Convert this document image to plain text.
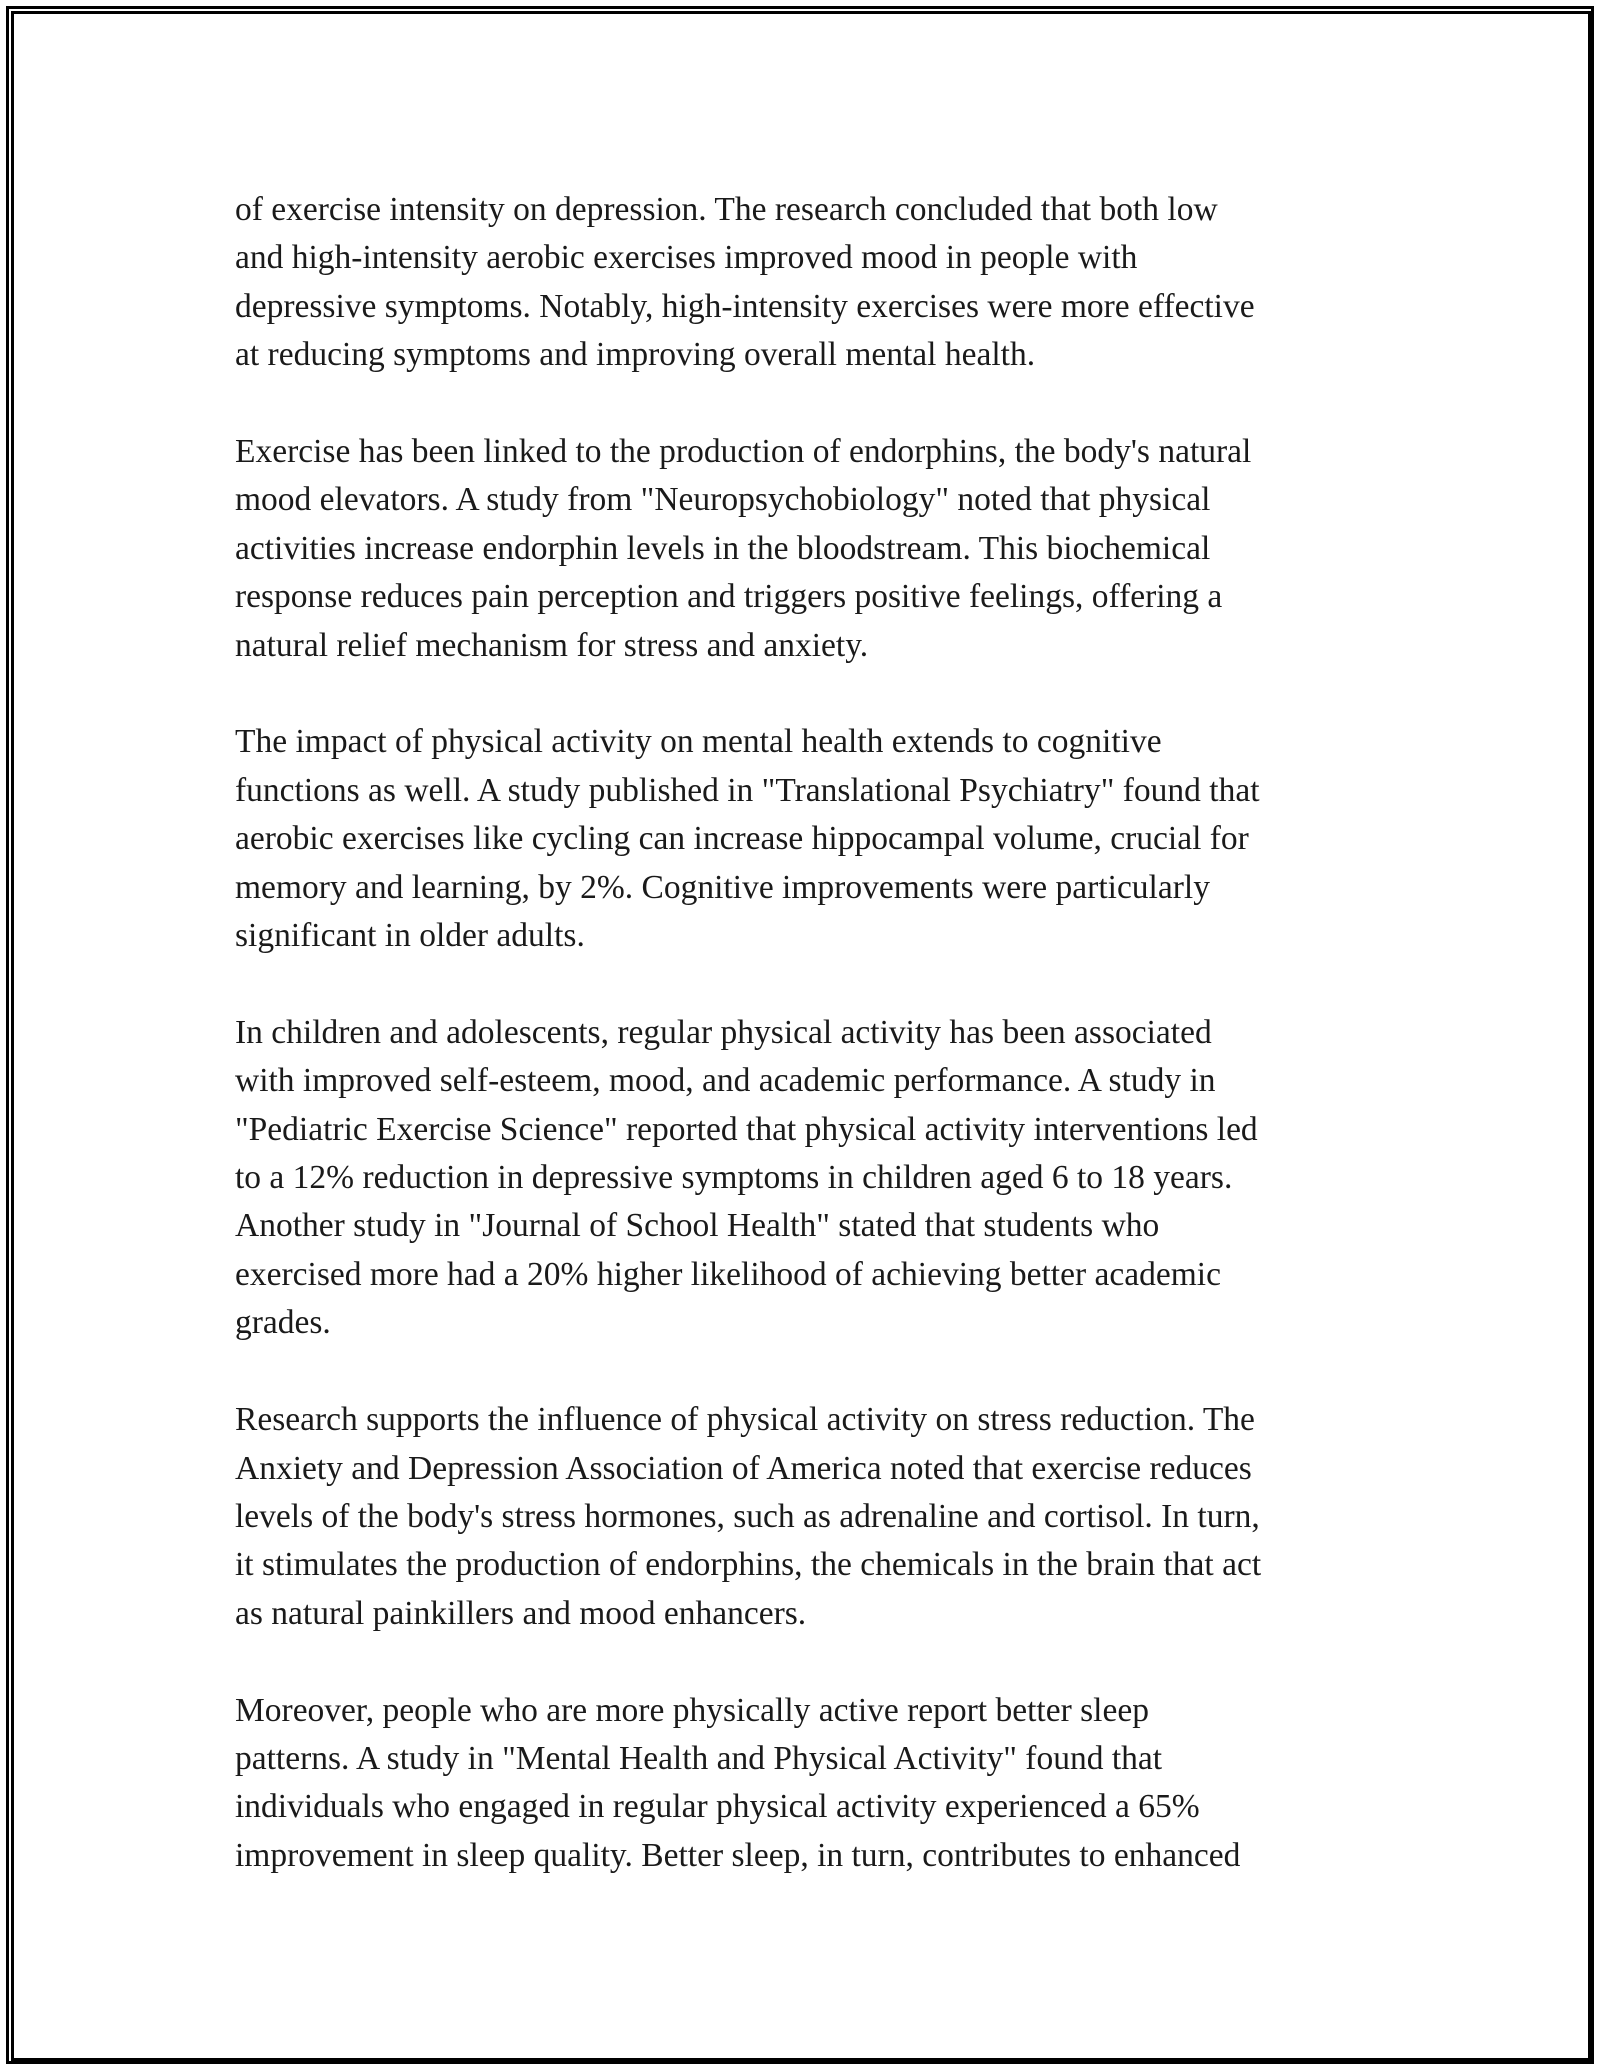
of exercise intensity on depression. The research concluded that both low
and high-intensity aerobic exercises improved mood in people with
depressive symptoms. Notably, high-intensity exercises were more effective
at reducing symptoms and improving overall mental health.

Exercise has been linked to the production of endorphins, the body's natural
mood elevators. A study from "Neuropsychobiology" noted that physical
activities increase endorphin levels in the bloodstream. This biochemical
response reduces pain perception and triggers positive feelings, offering a
natural relief mechanism for stress and anxiety.

The impact of physical activity on mental health extends to cognitive
functions as well. A study published in "Translational Psychiatry" found that
aerobic exercises like cycling can increase hippocampal volume, crucial for
memory and learning, by 2%. Cognitive improvements were particularly
significant in older adults.

In children and adolescents, regular physical activity has been associated
with improved self-esteem, mood, and academic performance. A study in
"Pediatric Exercise Science" reported that physical activity interventions led
to a 12% reduction in depressive symptoms in children aged 6 to 18 years.
Another study in "Journal of School Health" stated that students who
exercised more had a 20% higher likelihood of achieving better academic
grades.

Research supports the influence of physical activity on stress reduction. The
Anxiety and Depression Association of America noted that exercise reduces
levels of the body's stress hormones, such as adrenaline and cortisol. In turn,
it stimulates the production of endorphins, the chemicals in the brain that act
as natural painkillers and mood enhancers.

Moreover, people who are more physically active report better sleep
patterns. A study in "Mental Health and Physical Activity" found that
individuals who engaged in regular physical activity experienced a 65%
improvement in sleep quality. Better sleep, in turn, contributes to enhanced
